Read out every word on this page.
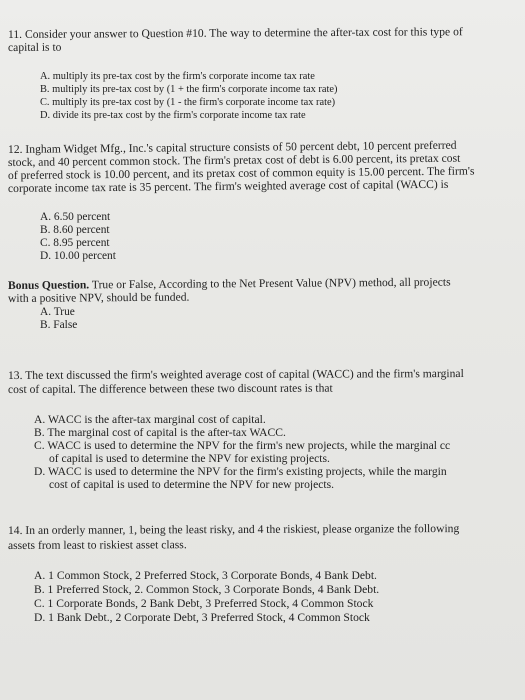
11. Consider your answer to Question #10. The way to determine the after-tax cost for this type of
capital is to
A. multiply its pre-tax cost by the firm's corporate income tax rate
B. multiply its pre-tax cost by (1 + the firm's corporate income tax rate)
C. multiply its pre-tax cost by (1 - the firm's corporate income tax rate)
D. divide its pre-tax cost by the firm's corporate income tax rate
12. Ingham Widget Mfg., Inc.'s capital structure consists of 50 percent debt, 10 percent preferred
stock, and 40 percent common stock. The firm's pretax cost of debt is 6.00 percent, its pretax cost
of preferred stock is 10.00 percent, and its pretax cost of common equity is 15.00 percent. The firm's
corporate income tax rate is 35 percent. The firm's weighted average cost of capital (WACC) is
A. 6.50 percent
B. 8.60 percent
C. 8.95 percent
D. 10.00 percent
Bonus Question. True or False, According to the Net Present Value (NPV) method, all projects
with a positive NPV, should be funded.
A. True
B. False
13. The text discussed the firm's weighted average cost of capital (WACC) and the firm's marginal
cost of capital. The difference between these two discount rates is that
A. WACC is the after-tax marginal cost of capital.
B. The marginal cost of capital is the after-tax WACC.
C. WACC is used to determine the NPV for the firm's new projects, while the marginal cc
of capital is used to determine the NPV for existing projects.
D. WACC is used to determine the NPV for the firm's existing projects, while the margin
cost of capital is used to determine the NPV for new projects.
14. In an orderly manner, 1, being the least risky, and 4 the riskiest, please organize the following
assets from least to riskiest asset class.
A. 1 Common Stock, 2 Preferred Stock, 3 Corporate Bonds, 4 Bank Debt.
B. 1 Preferred Stock, 2. Common Stock, 3 Corporate Bonds, 4 Bank Debt.
C. 1 Corporate Bonds, 2 Bank Debt, 3 Preferred Stock, 4 Common Stock
D. 1 Bank Debt., 2 Corporate Debt, 3 Preferred Stock, 4 Common Stock
